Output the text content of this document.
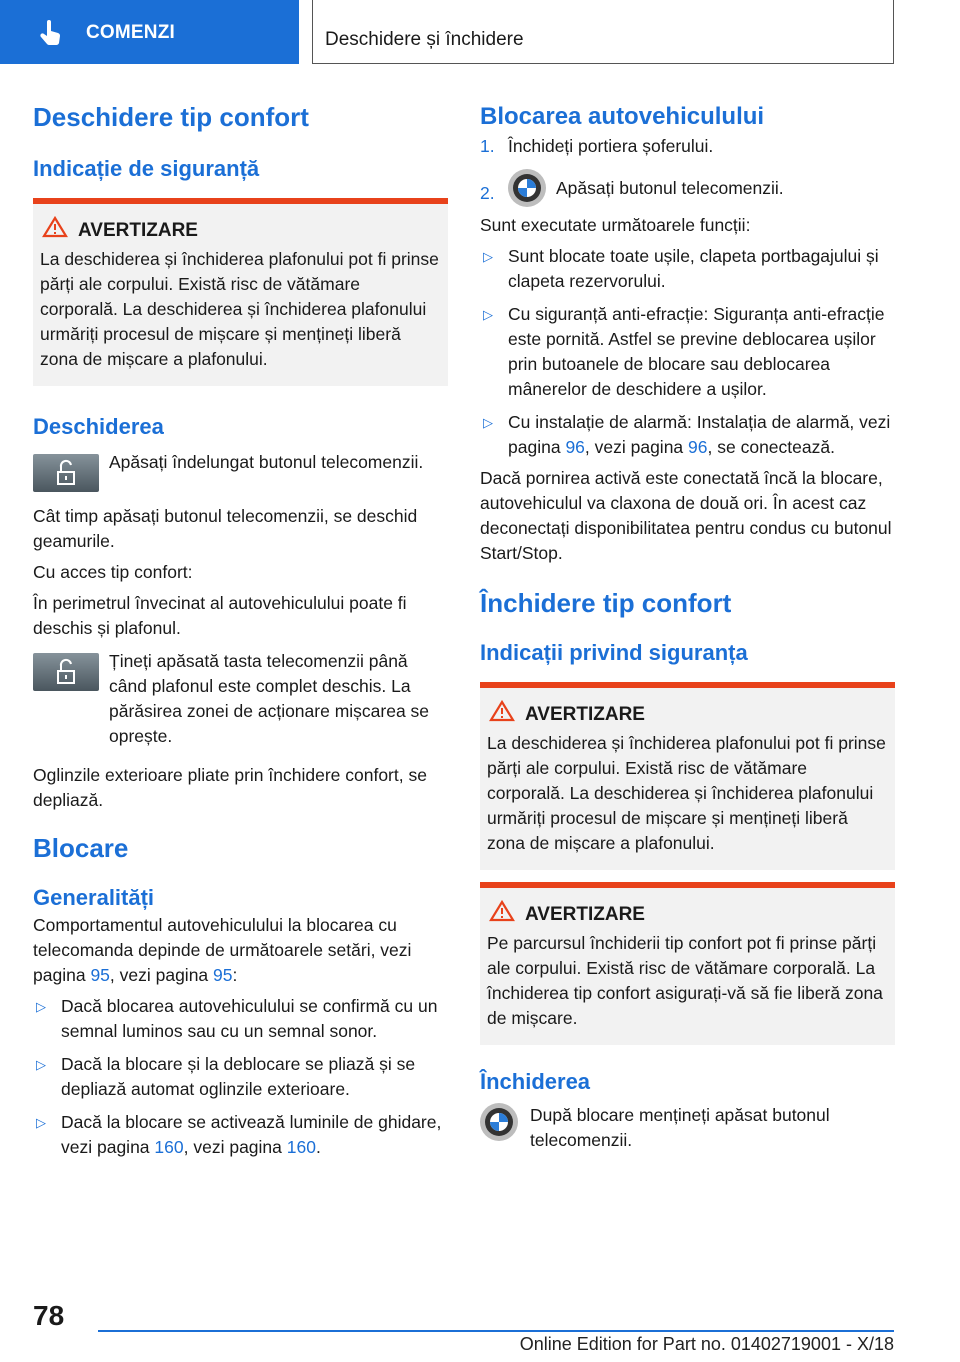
COMENZI	Deschidere și închidere
Deschidere tip confort
Indicație de siguranță
AVERTIZARE

La deschiderea și închiderea plafonului pot fi prinse părți ale corpului. Există risc de vătămare corporală. La deschiderea și închiderea plafonului urmăriți procesul de mișcare și mențineți liberă zona de mișcare a plafonului.

Deschiderea

Apăsați îndelungat butonul telecomenzii.

Cât timp apăsați butonul telecomenzii, se deschid geamurile.

Cu acces tip confort:

În perimetrul învecinat al autovehiculului poate fi deschis și plafonul.

Țineți apăsată tasta telecomenzii până când plafonul este complet deschis. La părăsirea zonei de acționare mișcarea se oprește.

Oglinzile exterioare pliate prin închidere confort, se depliază.

Blocare
Generalități

Comportamentul autovehiculului la blocarea cu telecomanda depinde de următoarele setări, vezi pagina 95, vezi pagina 95:

▷ Dacă blocarea autovehiculului se confirmă cu un semnal luminos sau cu un semnal sonor.
▷ Dacă la blocare și la deblocare se pliază și se depliază automat oglinzile exterioare.
▷ Dacă la blocare se activează luminile de ghidare, vezi pagina 160, vezi pagina 160.
Blocarea autovehiculului
1. Închideți portiera șoferului.
2.	Apăsați butonul telecomenzii.

Sunt executate următoarele funcții:

▷ Sunt blocate toate ușile, clapeta portbagajului și clapeta rezervorului.
▷ Cu siguranță anti-efracție: Siguranța anti-efracție este pornită. Astfel se previne deblocarea ușilor prin butoanele de blocare sau deblocarea mânerelor de deschidere a ușilor.
▷ Cu instalație de alarmă: Instalația de alarmă, vezi pagina 96, vezi pagina 96, se conectează.

Dacă pornirea activă este conectată încă la blocare, autovehiculul va claxona de două ori. În acest caz deconectați disponibilitatea pentru condus cu butonul Start/Stop.

Închidere tip confort
Indicații privind siguranța
AVERTIZARE

La deschiderea și închiderea plafonului pot fi prinse părți ale corpului. Există risc de vătămare corporală. La deschiderea și închiderea plafonului urmăriți procesul de mișcare și mențineți liberă zona de mișcare a plafonului.

AVERTIZARE

Pe parcursul închiderii tip confort pot fi prinse părți ale corpului. Există risc de vătămare corporală. La închiderea tip confort asigurați-vă să fie liberă zona de mișcare.

Închiderea

După blocare mențineți apăsat butonul telecomenzii.

78
Online Edition for Part no. 01402719001 - X/18
